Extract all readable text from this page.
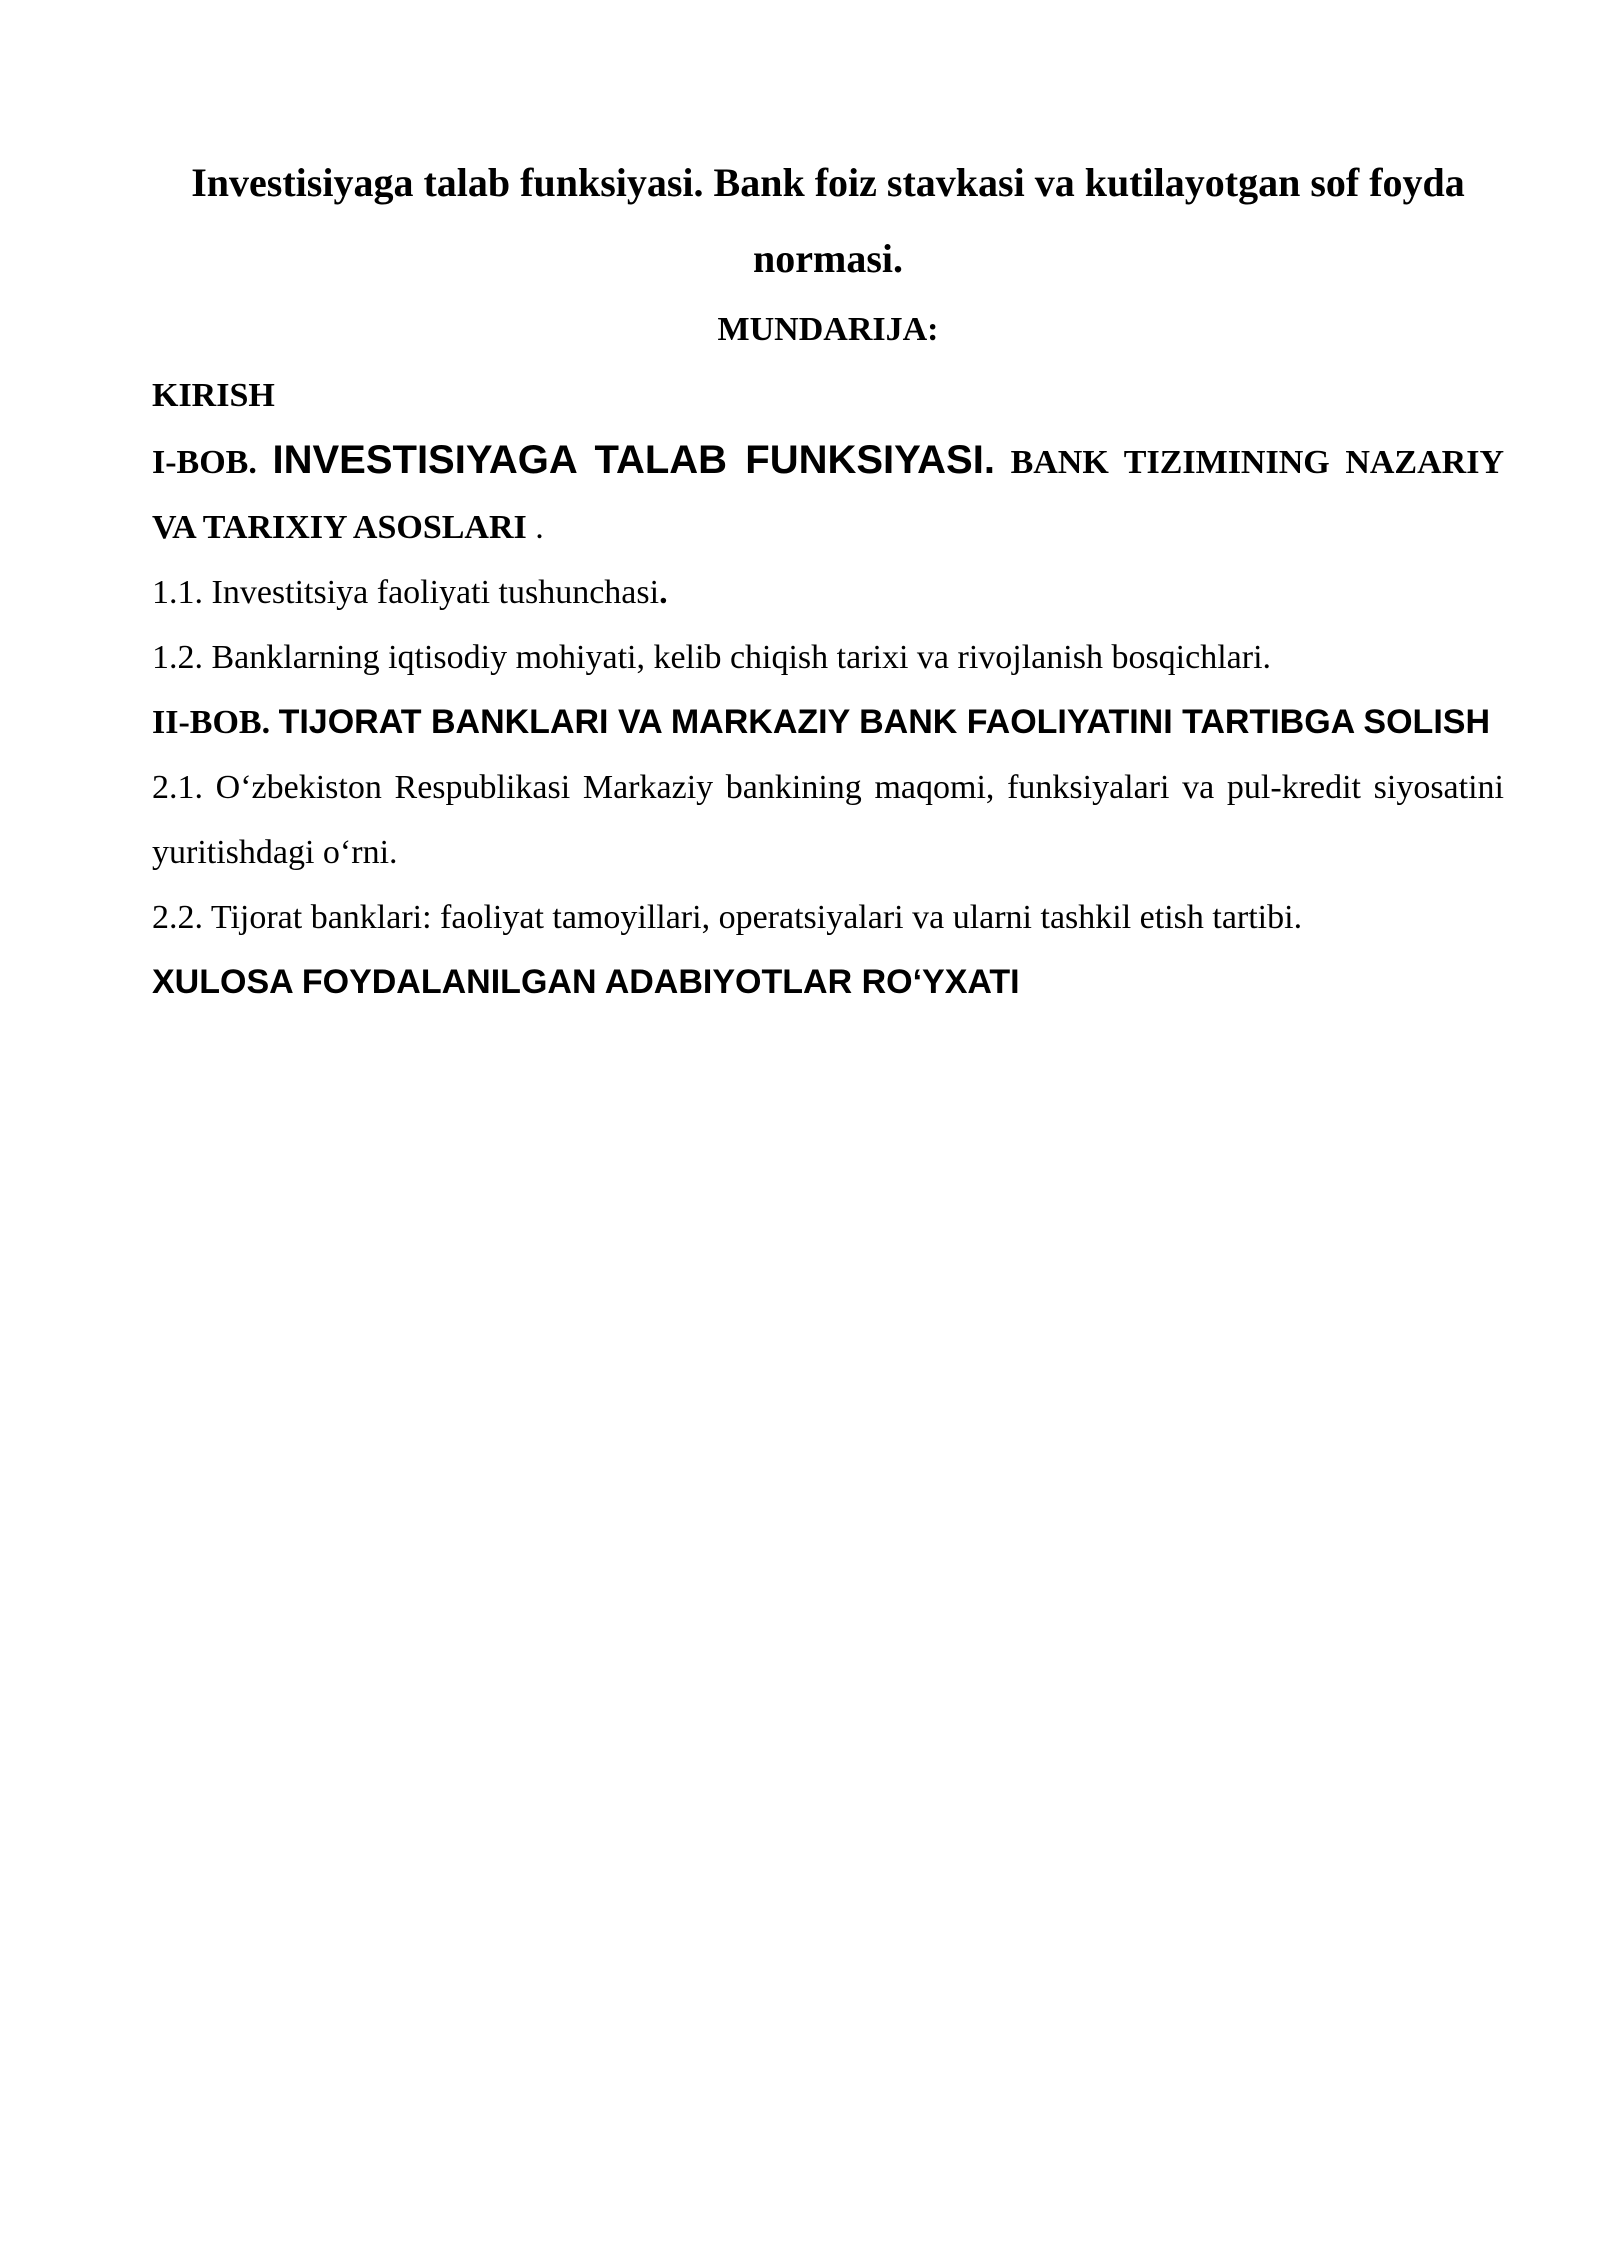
Investisiyaga talab funksiyasi. Bank foiz stavkasi va kutilayotgan sof foyda normasi.
MUNDARIJA:
KIRISH
I-BOB. INVESTISIYAGA TALAB FUNKSIYASI. BANK TIZIMINING NAZARIY VA TARIXIY ASOSLARI .
1.1. Investitsiya faoliyati tushunchasi.
1.2. Banklarning iqtisodiy mohiyati, kelib chiqish tarixi va rivojlanish bosqichlari.
II-BOB. TIJORAT BANKLARI VA MARKAZIY BANK FAOLIYATINI TARTIBGA SOLISH
2.1. O‘zbekiston Respublikasi Markaziy bankining maqomi, funksiyalari va pul-kredit siyosatini yuritishdagi o‘rni.
2.2. Tijorat banklari: faoliyat tamoyillari, operatsiyalari va ularni tashkil etish tartibi.
XULOSA FOYDALANILGAN ADABIYOTLAR RO‘YXATI
